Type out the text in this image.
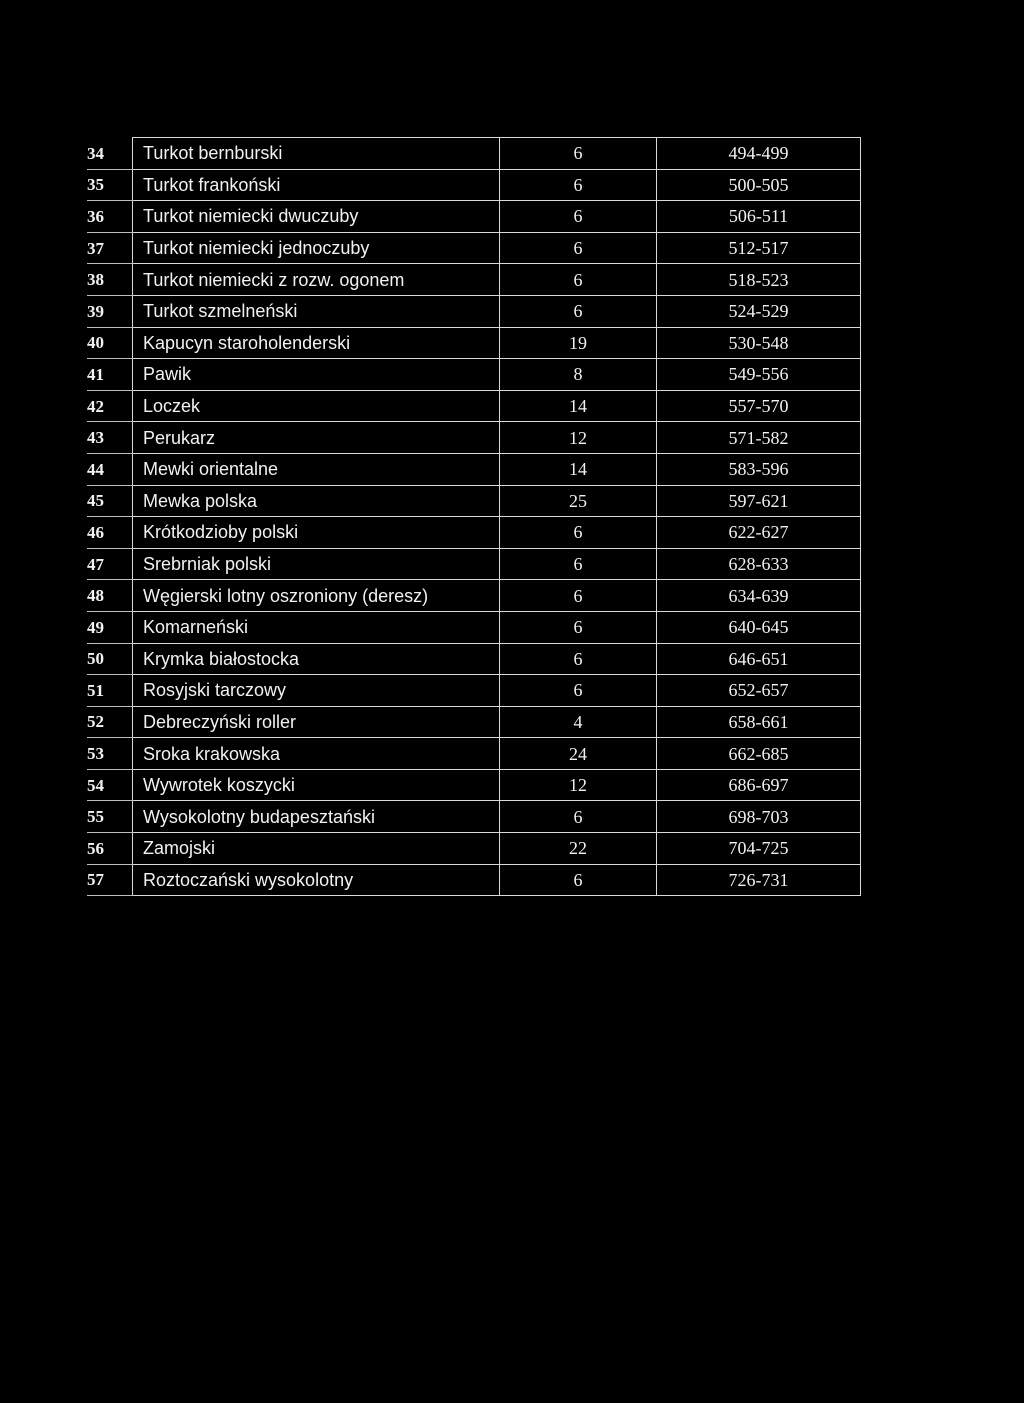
34	Turkot bernburski	6	494-499
35	Turkot frankoński	6	500-505
36	Turkot niemiecki dwuczuby	6	506-511
37	Turkot niemiecki jednoczuby	6	512-517
38	Turkot niemiecki z rozw. ogonem	6	518-523
39	Turkot szmelneński	6	524-529
40	Kapucyn staroholenderski	19	530-548
41	Pawik	8	549-556
42	Loczek	14	557-570
43	Perukarz	12	571-582
44	Mewki orientalne	14	583-596
45	Mewka polska	25	597-621
46	Krótkodzioby polski	6	622-627
47	Srebrniak polski	6	628-633
48	Węgierski lotny oszroniony (deresz)	6	634-639
49	Komarneński	6	640-645
50	Krymka białostocka	6	646-651
51	Rosyjski tarczowy	6	652-657
52	Debreczyński roller	4	658-661
53	Sroka krakowska	24	662-685
54	Wywrotek koszycki	12	686-697
55	Wysokolotny budapesztański	6	698-703
56	Zamojski	22	704-725
57	Roztoczański wysokolotny	6	726-731
